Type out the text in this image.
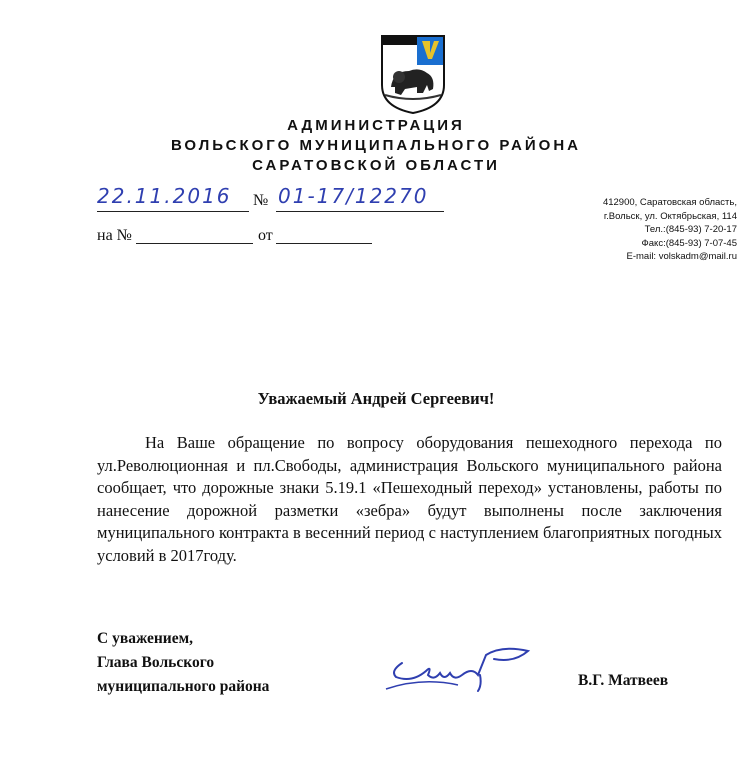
АДМИНИСТРАЦИЯ
ВОЛЬСКОГО МУНИЦИПАЛЬНОГО РАЙОНА
САРАТОВСКОЙ ОБЛАСТИ
22.11.2016 № 01-17/12270
на №	от
412900, Саратовская область,
г.Вольск, ул. Октябрьская, 114
Тел.:(845-93) 7-20-17
Факс:(845-93) 7-07-45
E-mail: volskadm@mail.ru
Уважаемый Андрей Сергеевич!

На Ваше обращение по вопросу оборудования пешеходного перехода по ул.Революционная и пл.Свободы, администрация Вольского муниципального района сообщает, что дорожные знаки 5.19.1 «Пешеходный переход» установлены, работы по нанесение дорожной разметки «зебра» будут выполнены после заключения муниципального контракта в весенний период с наступлением благоприятных погодных условий в 2017году.

С уважением,
Глава Вольского
муниципального района	В.Г. Матвеев
